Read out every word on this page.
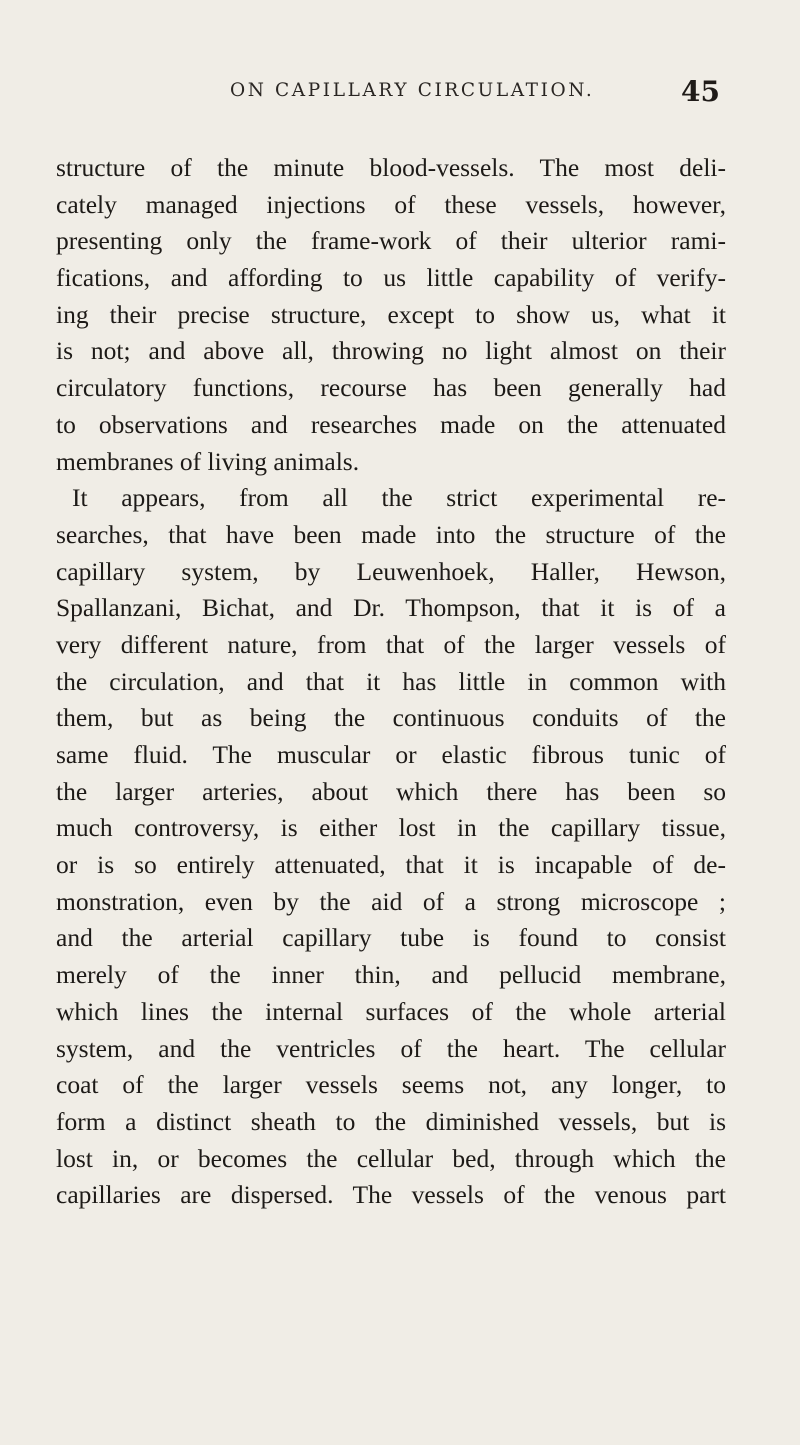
ON CAPILLARY CIRCULATION.	45
structure of the minute blood-vessels. The most deli-
cately managed injections of these vessels, however,
presenting only the frame-work of their ulterior rami-
fications, and affording to us little capability of verify-
ing their precise structure, except to show us, what it
is not; and above all, throwing no light almost on their
circulatory functions, recourse has been generally had
to observations and researches made on the attenuated
membranes of living animals.
It appears, from all the strict experimental re-
searches, that have been made into the structure of the
capillary system, by Leuwenhoek, Haller, Hewson,
Spallanzani, Bichat, and Dr. Thompson, that it is of a
very different nature, from that of the larger vessels of
the circulation, and that it has little in common with
them, but as being the continuous conduits of the
same fluid. The muscular or elastic fibrous tunic of
the larger arteries, about which there has been so
much controversy, is either lost in the capillary tissue,
or is so entirely attenuated, that it is incapable of de-
monstration, even by the aid of a strong microscope ;
and the arterial capillary tube is found to consist
merely of the inner thin, and pellucid membrane,
which lines the internal surfaces of the whole arterial
system, and the ventricles of the heart. The cellular
coat of the larger vessels seems not, any longer, to
form a distinct sheath to the diminished vessels, but is
lost in, or becomes the cellular bed, through which the
capillaries are dispersed. The vessels of the venous part
